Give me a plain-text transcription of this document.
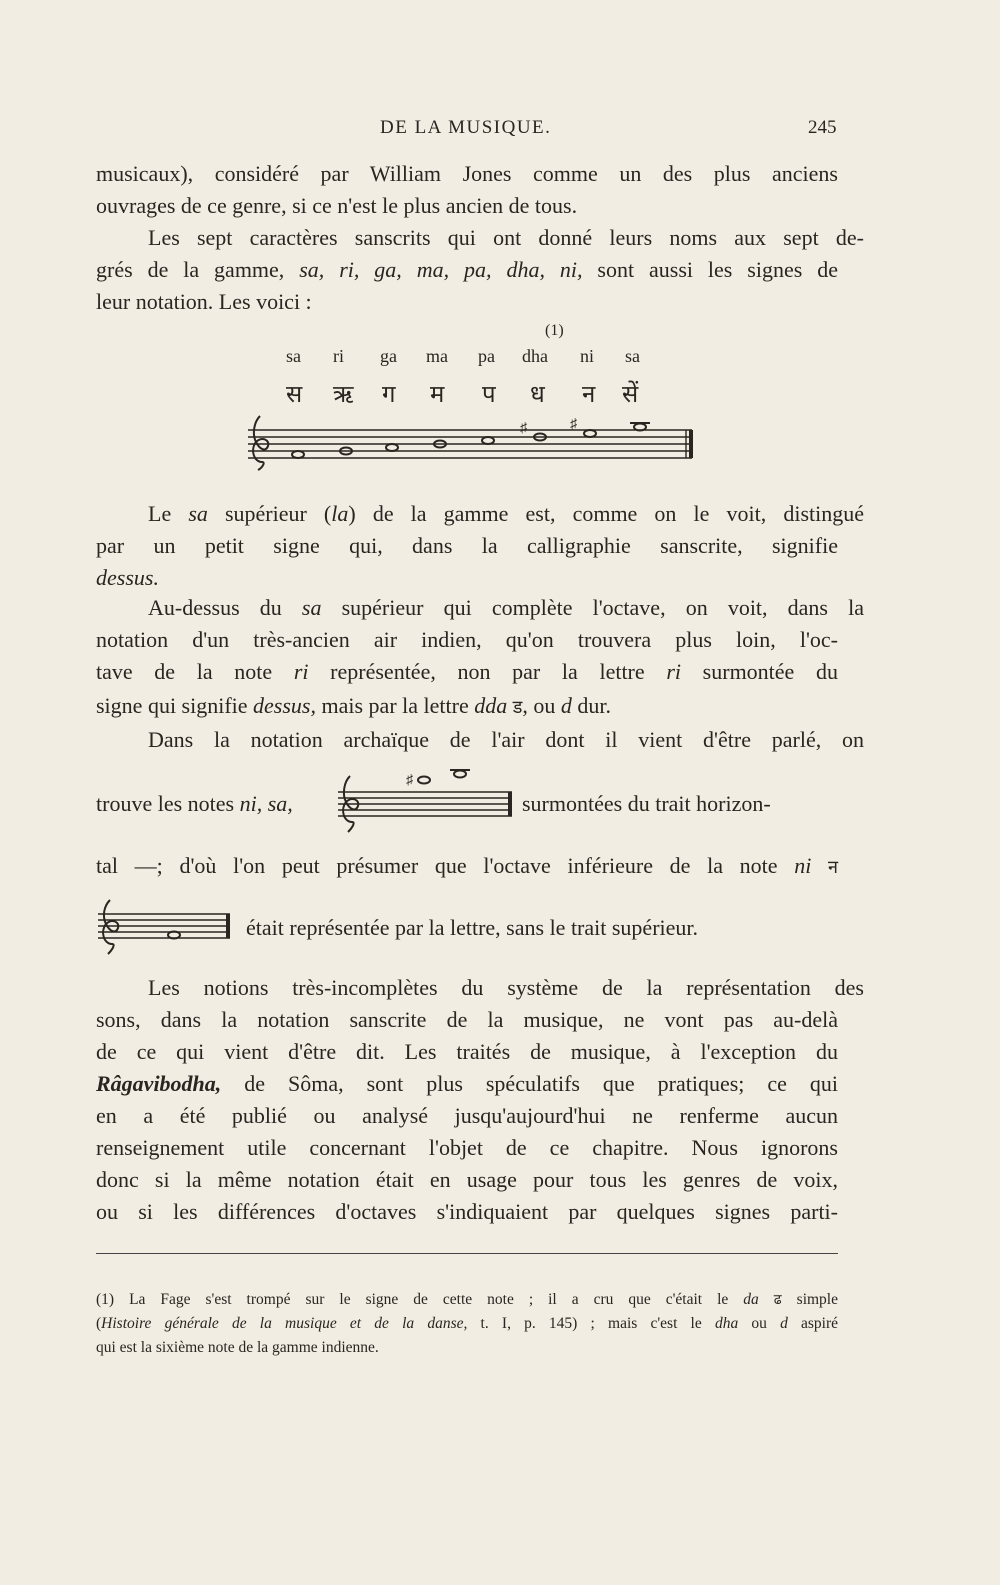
DE LA MUSIQUE.	245
musicaux), considéré par William Jones comme un des plus anciens
ouvrages de ce genre, si ce n'est le plus ancien de tous.
Les sept caractères sanscrits qui ont donné leurs noms aux sept de-
grés de la gamme, sa, ri, ga, ma, pa, dha, ni, sont aussi les signes de
leur notation. Les voici :
(1)
sa ri ga ma pa dha ni sa
स ऋ ग म प ध न सें
♯	♯
Le sa supérieur (la) de la gamme est, comme on le voit, distingué
par un petit signe qui, dans la calligraphie sanscrite, signifie
dessus.
Au-dessus du sa supérieur qui complète l'octave, on voit, dans la
notation d'un très-ancien air indien, qu'on trouvera plus loin, l'oc-
tave de la note ri représentée, non par la lettre ri surmontée du
signe qui signifie dessus, mais par la lettre dda ड, ou d dur.
Dans la notation archaïque de l'air dont il vient d'être parlé, on
trouve les notes ni, sa,
♯
surmontées du trait horizon-
tal —; d'où l'on peut présumer que l'octave inférieure de la note ni न
était représentée par la lettre, sans le trait supérieur.
Les notions très-incomplètes du système de la représentation des
sons, dans la notation sanscrite de la musique, ne vont pas au-delà
de ce qui vient d'être dit. Les traités de musique, à l'exception du
Râgavibodha, de Sôma, sont plus spéculatifs que pratiques; ce qui
en a été publié ou analysé jusqu'aujourd'hui ne renferme aucun
renseignement utile concernant l'objet de ce chapitre. Nous ignorons
donc si la même notation était en usage pour tous les genres de voix,
ou si les différences d'octaves s'indiquaient par quelques signes parti-
(1) La Fage s'est trompé sur le signe de cette note ; il a cru que c'était le da ढ simple
(Histoire générale de la musique et de la danse, t. I, p. 145) ; mais c'est le dha ou d aspiré
qui est la sixième note de la gamme indienne.
